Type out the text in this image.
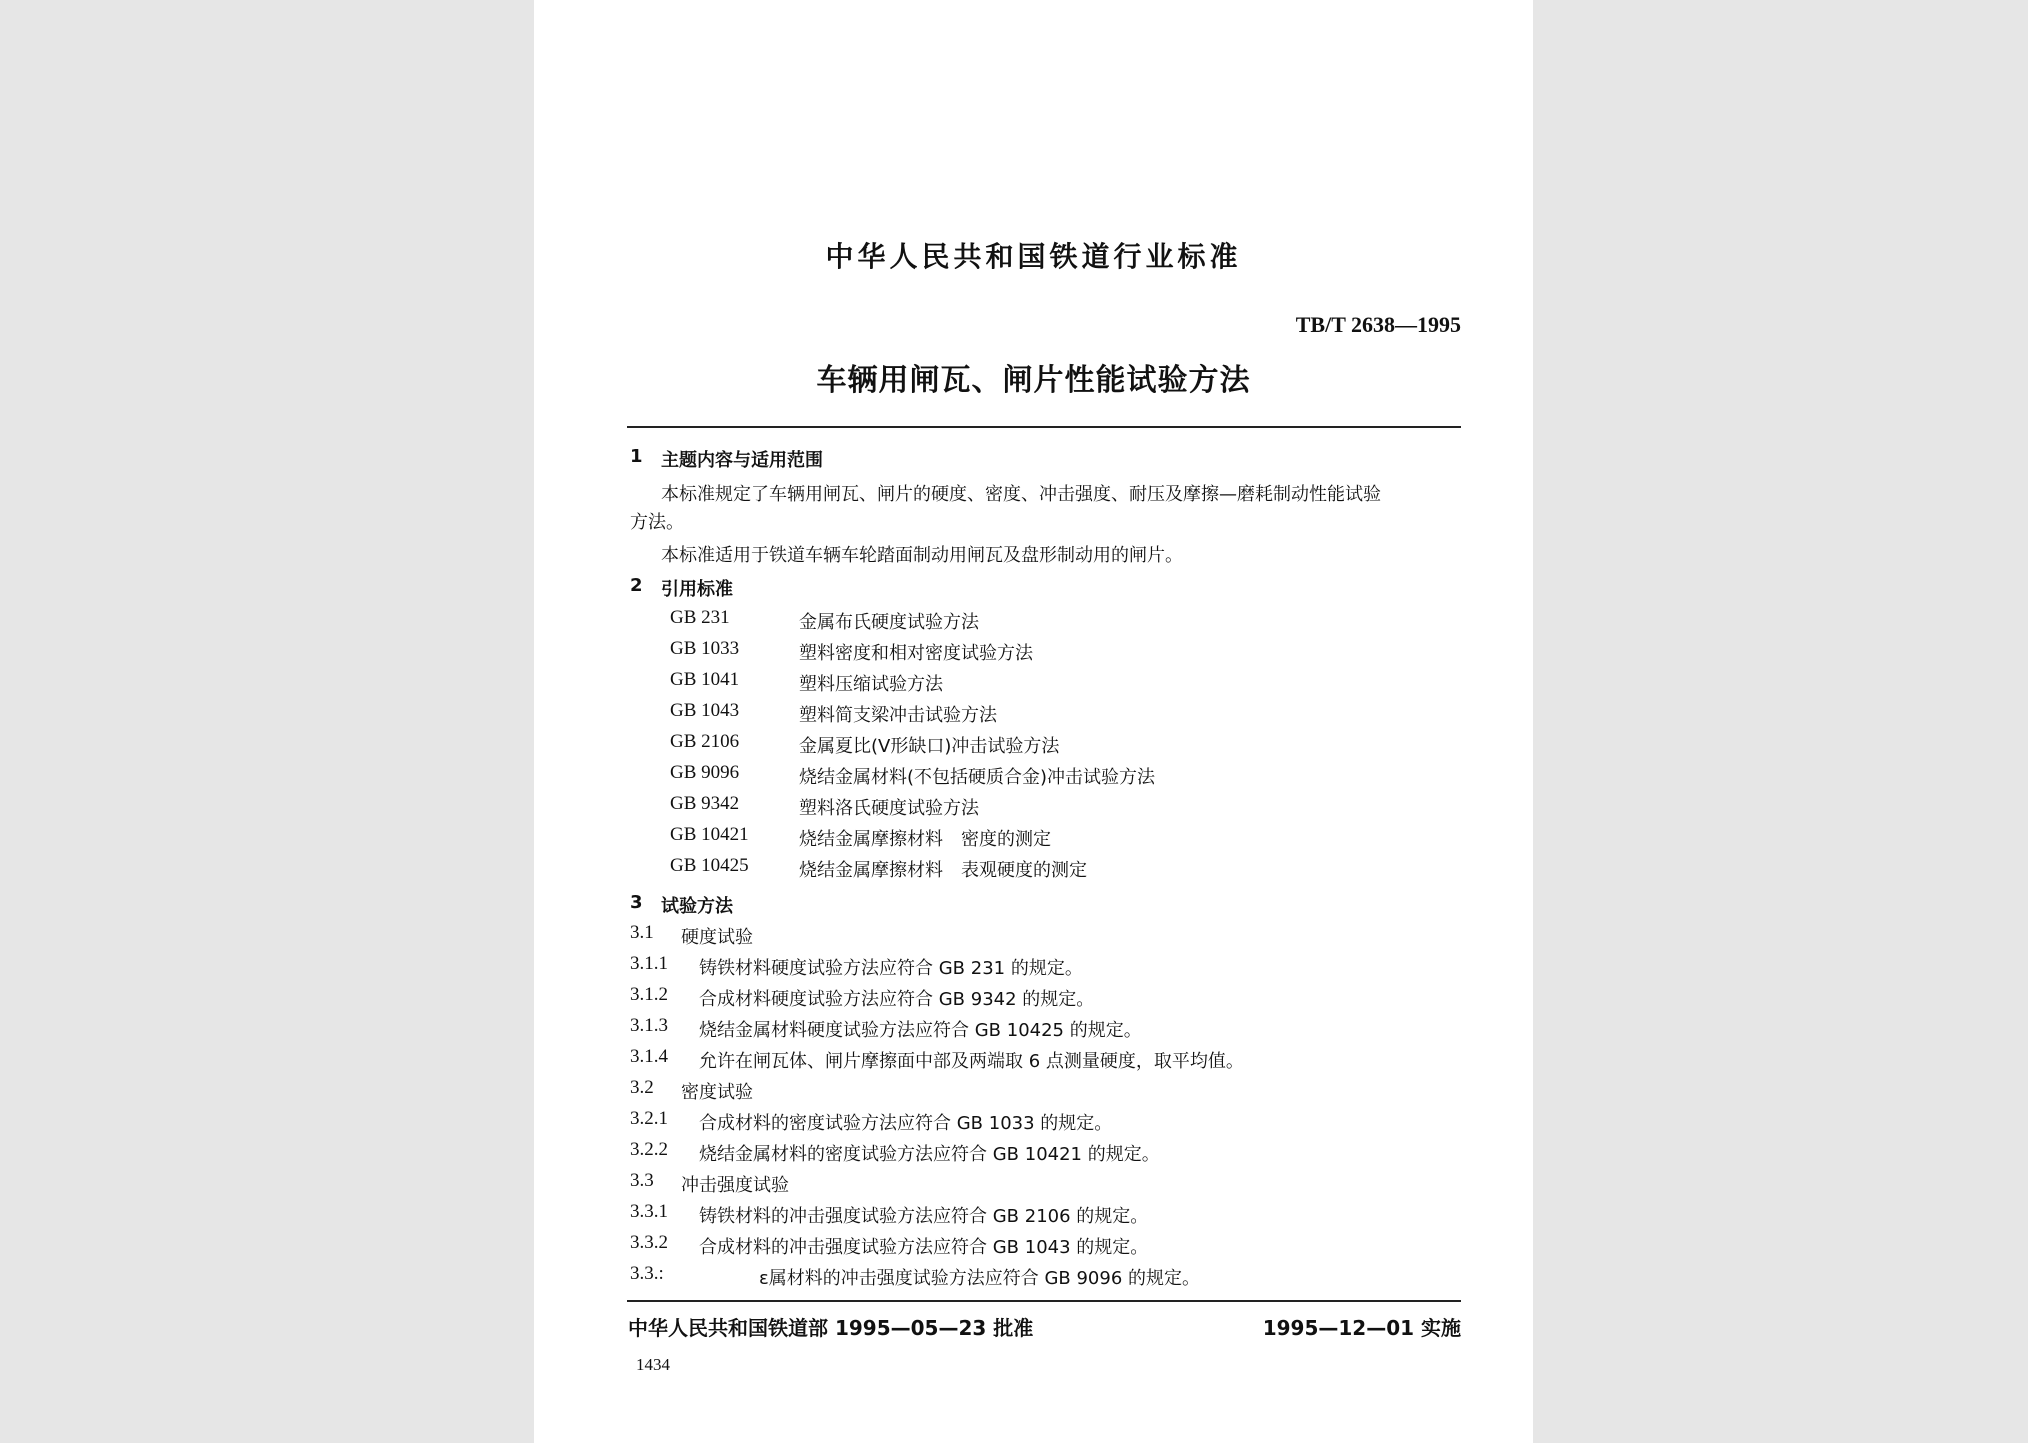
中华人民共和国铁道行业标准
TB/T 2638—1995
车辆用闸瓦、闸片性能试验方法
1 主题内容与适用范围
本标准规定了车辆用闸瓦、闸片的硬度、密度、冲击强度、耐压及摩擦—磨耗制动性能试验
方法。
本标准适用于铁道车辆车轮踏面制动用闸瓦及盘形制动用的闸片。
2 引用标准
GB 231	金属布氏硬度试验方法
GB 1033	塑料密度和相对密度试验方法
GB 1041	塑料压缩试验方法
GB 1043	塑料简支梁冲击试验方法
GB 2106	金属夏比(V形缺口)冲击试验方法
GB 9096	烧结金属材料(不包括硬质合金)冲击试验方法
GB 9342	塑料洛氏硬度试验方法
GB 10421	烧结金属摩擦材料　密度的测定
GB 10425	烧结金属摩擦材料　表观硬度的测定
3 试验方法
3.1 硬度试验
3.1.1 铸铁材料硬度试验方法应符合 GB 231 的规定。
3.1.2 合成材料硬度试验方法应符合 GB 9342 的规定。
3.1.3 烧结金属材料硬度试验方法应符合 GB 10425 的规定。
3.1.4 允许在闸瓦体、闸片摩擦面中部及两端取 6 点测量硬度，取平均值。
3.2 密度试验
3.2.1 合成材料的密度试验方法应符合 GB 1033 的规定。
3.2.2 烧结金属材料的密度试验方法应符合 GB 10421 的规定。
3.3 冲击强度试验
3.3.1 铸铁材料的冲击强度试验方法应符合 GB 2106 的规定。
3.3.2 合成材料的冲击强度试验方法应符合 GB 1043 的规定。
3.3.:	ε属材料的冲击强度试验方法应符合 GB 9096 的规定。
中华人民共和国铁道部 1995—05—23 批准	1995—12—01 实施
1434
